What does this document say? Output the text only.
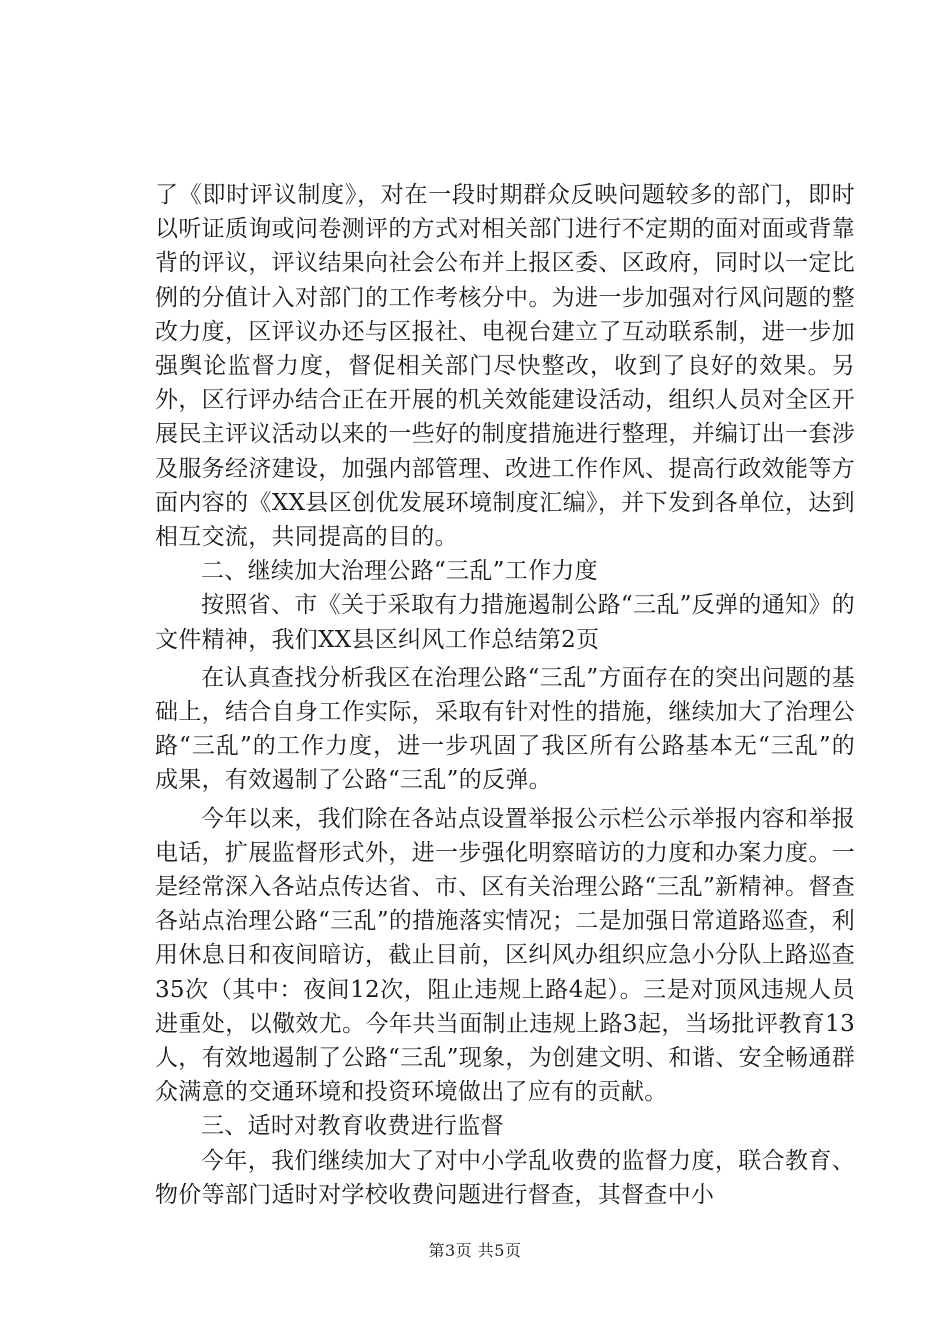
了《即时评议制度》，对在一段时期群众反映问题较多的部门，即时以听证质询或问卷测评的方式对相关部门进行不定期的面对面或背靠背的评议，评议结果向社会公布并上报区委、区政府，同时以一定比例的分值计入对部门的工作考核分中。为进一步加强对行风问题的整改力度，区评议办还与区报社、电视台建立了互动联系制，进一步加强舆论监督力度，督促相关部门尽快整改，收到了良好的效果。另外，区行评办结合正在开展的机关效能建设活动，组织人员对全区开展民主评议活动以来的一些好的制度措施进行整理，并编订出一套涉及服务经济建设，加强内部管理、改进工作作风、提高行政效能等方面内容的《XX县区创优发展环境制度汇编》，并下发到各单位，达到相互交流，共同提高的目的。

二、继续加大治理公路“三乱”工作力度

按照省、市《关于采取有力措施遏制公路“三乱”反弹的通知》的文件精神，我们XX县区纠风工作总结第2页

在认真查找分析我区在治理公路“三乱”方面存在的突出问题的基础上，结合自身工作实际，采取有针对性的措施，继续加大了治理公路“三乱”的工作力度，进一步巩固了我区所有公路基本无“三乱”的成果，有效遏制了公路“三乱”的反弹。

今年以来，我们除在各站点设置举报公示栏公示举报内容和举报电话，扩展监督形式外，进一步强化明察暗访的力度和办案力度。一是经常深入各站点传达省、市、区有关治理公路“三乱”新精神。督查各站点治理公路“三乱”的措施落实情况；二是加强日常道路巡查，利用休息日和夜间暗访，截止目前，区纠风办组织应急小分队上路巡查35次（其中：夜间12次，阻止违规上路4起）。三是对顶风违规人员进重处，以儆效尤。今年共当面制止违规上路3起，当场批评教育13人，有效地遏制了公路“三乱”现象，为创建文明、和谐、安全畅通群众满意的交通环境和投资环境做出了应有的贡献。

三、适时对教育收费进行监督

今年，我们继续加大了对中小学乱收费的监督力度，联合教育、物价等部门适时对学校收费问题进行督查，其督查中小

第3页 共5页
